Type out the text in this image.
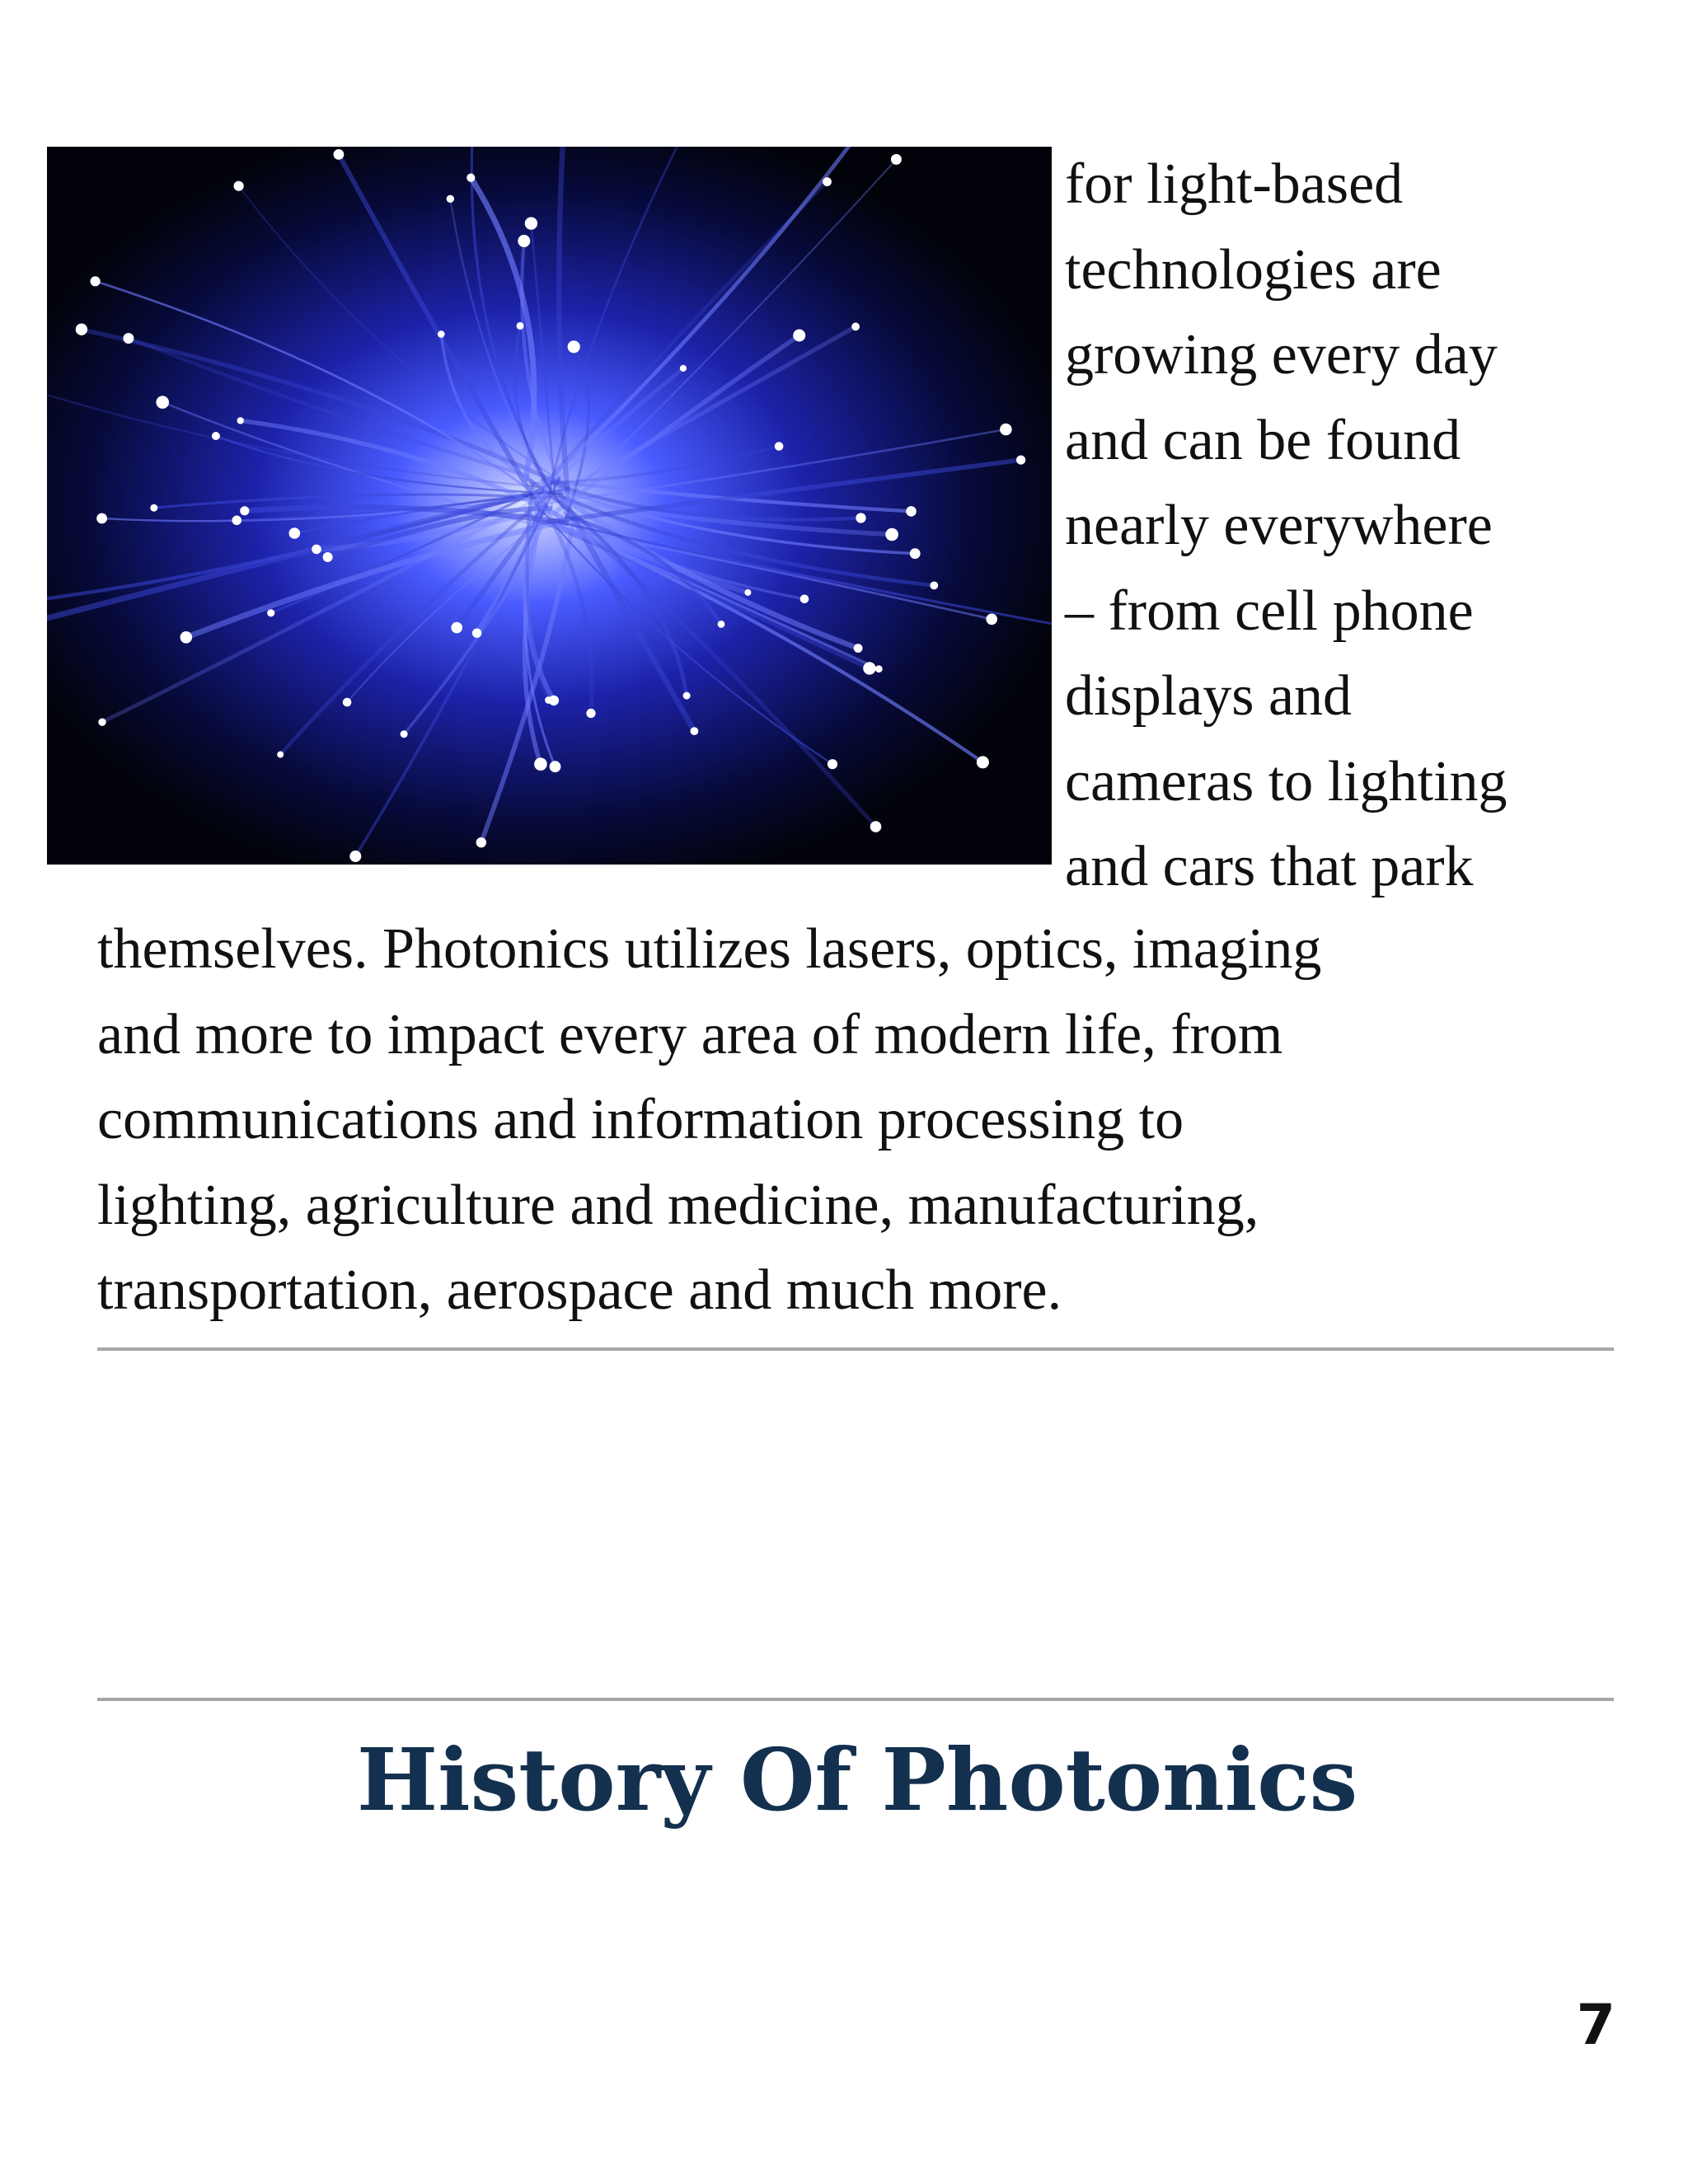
for light-based
technologies are
growing every day
and can be found
nearly everywhere
– from cell phone
displays and
cameras to lighting
and cars that park
themselves. Photonics utilizes lasers, optics, imaging
and more to impact every area of modern life, from
communications and information processing to
lighting, agriculture and medicine, manufacturing,
transportation, aerospace and much more.
History Of Photonics
7
